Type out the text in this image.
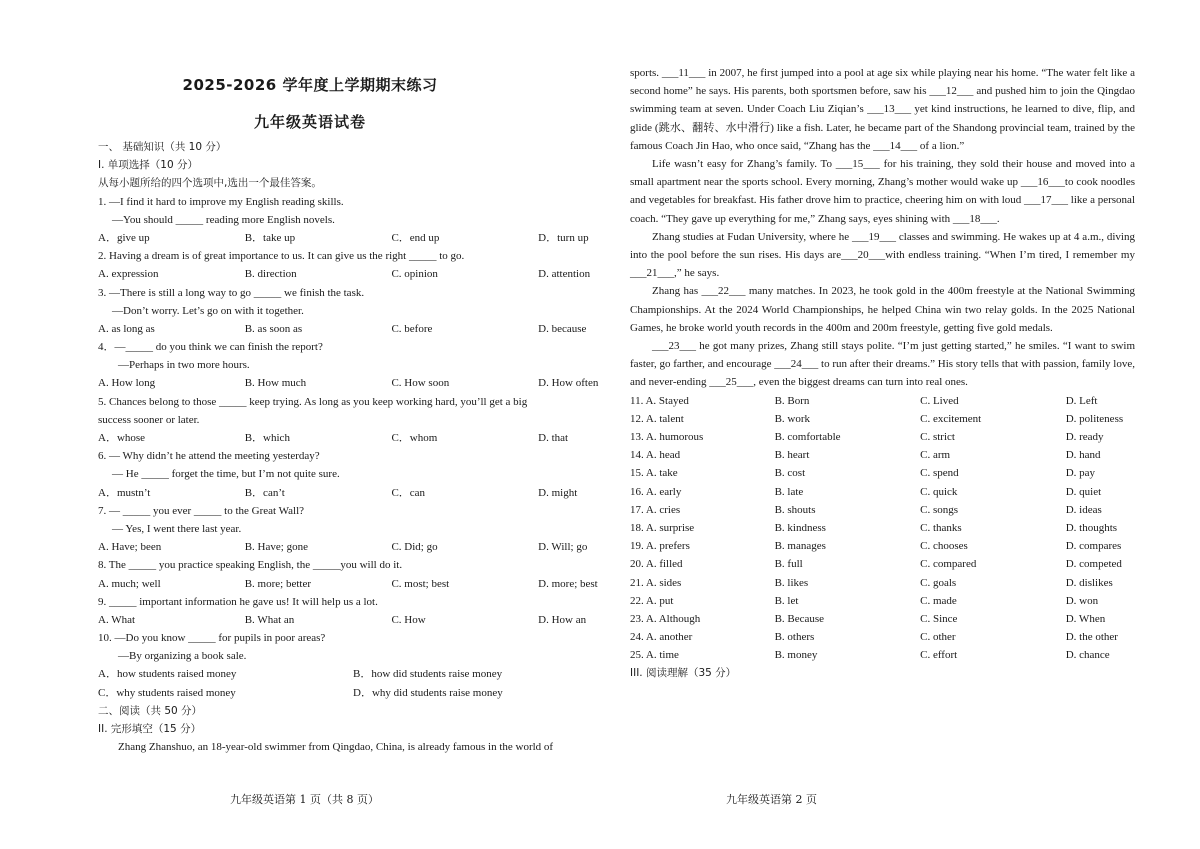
2025-2026 学年度上学期期末练习
九年级英语试卷
一、 基础知识（共 10 分）
I. 单项选择（10 分）
从每小题所给的四个选项中,选出一个最佳答案。
1. —I find it hard to improve my English reading skills.
—You should _____ reading more English novels.
A．give up	B．take up	C．end up	D．turn up
2. Having a dream is of great importance to us. It can give us the right _____ to go.
A. expression	B. direction	C. opinion	D. attention
3. —There is still a long way to go _____ we finish the task.
—Don’t worry. Let’s go on with it together.
A. as long as	B. as soon as	C. before	D. because
4．—_____ do you think we can finish the report?
—Perhaps in two more hours.
A. How long	B. How much	C. How soon	D. How often
5. Chances belong to those _____ keep trying. As long as you keep working hard, you’ll get a big
success sooner or later.
A．whose	B．which	C．whom	D. that
6. — Why didn’t he attend the meeting yesterday?
— He _____ forget the time, but I’m not quite sure.
A．mustn’t	B．can’t	C．can	D. might
7. — _____ you ever _____ to the Great Wall?
— Yes, I went there last year.
A. Have; been	B. Have; gone	C. Did; go	D. Will; go
8. The _____ you practice speaking English, the _____you will do it.
A. much; well	B. more; better	C. most; best	D. more; best
9. _____ important information he gave us! It will help us a lot.
A. What	B. What an	C. How	D. How an
10. —Do you know _____ for pupils in poor areas?
—By organizing a book sale.
A．how students raised money	B．how did students raise money
C．why students raised money	D．why did students raise money
二、阅读（共 50 分）
II. 完形填空（15 分）
Zhang Zhanshuo, an 18-year-old swimmer from Qingdao, China, is already famous in the world of
九年级英语第 1 页（共 8 页）

sports. ___11___ in 2007, he first jumped into a pool at age six while playing near his home. “The water felt like a second home” he says. His parents, both sportsmen before, saw his ___12___ and pushed him to join the Qingdao swimming team at seven. Under Coach Liu Ziqian’s ___13___ yet kind instructions, he learned to dive, flip, and glide (跳水、翻转、水中滑行) like a fish. Later, he became part of the Shandong provincial team, trained by the famous Coach Jin Hao, who once said, “Zhang has the ___14___ of a lion.”

Life wasn’t easy for Zhang’s family. To ___15___ for his training, they sold their house and moved into a small apartment near the sports school. Every morning, Zhang’s mother would wake up ___16___to cook noodles and vegetables for breakfast. His father drove him to practice, cheering him on with loud ___17___ like a personal coach. “They gave up everything for me,” Zhang says, eyes shining with ___18___.

Zhang studies at Fudan University, where he ___19___ classes and swimming. He wakes up at 4 a.m., diving into the pool before the sun rises. His days are___20___with endless training. “When I’m tired, I remember my ___21___,” he says.

Zhang has ___22___ many matches. In 2023, he took gold in the 400m freestyle at the National Swimming Championships. At the 2024 World Championships, he helped China win two relay golds. In the 2025 National Games, he broke world youth records in the 400m and 200m freestyle, getting five gold medals.

___23___ he got many prizes, Zhang still stays polite. “I’m just getting started,” he smiles. “I want to swim faster, go farther, and encourage ___24___ to run after their dreams.” His story tells that with passion, family love, and never-ending ___25___, even the biggest dreams can turn into real ones.

11. A. Stayed	B. Born	C. Lived	D. Left
12. A. talent	B. work	C. excitement	D. politeness
13. A. humorous	B. comfortable	C. strict	D. ready
14. A. head	B. heart	C. arm	D. hand
15. A. take	B. cost	C. spend	D. pay
16. A. early	B. late	C. quick	D. quiet
17. A. cries	B. shouts	C. songs	D. ideas
18. A. surprise	B. kindness	C. thanks	D. thoughts
19. A. prefers	B. manages	C. chooses	D. compares
20. A. filled	B. full	C. compared	D. competed
21. A. sides	B. likes	C. goals	D. dislikes
22. A. put	B. let	C. made	D. won
23. A. Although	B. Because	C. Since	D. When
24. A. another	B. others	C. other	D. the other
25. A. time	B. money	C. effort	D. chance
III. 阅读理解（35 分）
九年级英语第 2 页
